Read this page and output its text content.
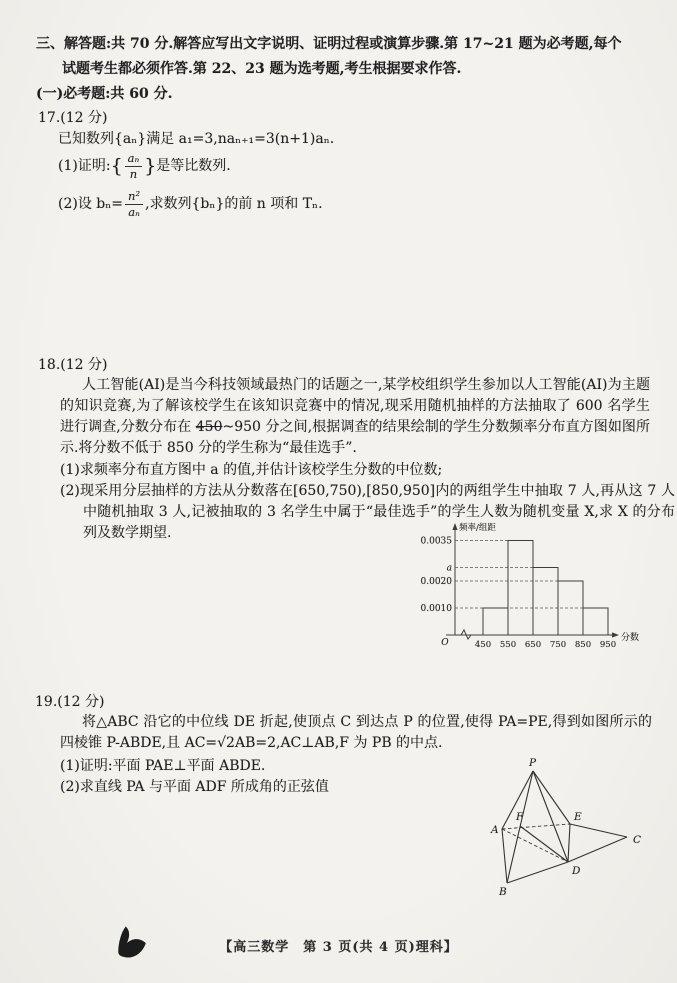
三、解答题:共 70 分.解答应写出文字说明、证明过程或演算步骤.第 17~21 题为必考题,每个
试题考生都必须作答.第 22、23 题为选考题,考生根据要求作答.
(一)必考题:共 60 分.
17.(12 分)
已知数列{aₙ}满足 a₁=3,naₙ₊₁=3(n+1)aₙ.
(1)证明: { $\frac{\text{aₙ}}{n}$ } 是等比数列.
(2)设 $b_n= \frac{\text{n²}}{\text{aₙ}}$ ,求数列{bₙ}的前 n 项和 Tₙ.
18.(12 分)
人工智能(AI)是当今科技领域最热门的话题之一,某学校组织学生参加以人工智能(AI)为主题的知识竞赛,为了解该校学生在该知识竞赛中的情况,现采用随机抽样的方法抽取了 600 名学生进行调查,分数分布在 450~950 分之间,根据调查的结果绘制的学生分数频率分布直方图如图所示.将分数不低于 850 分的学生称为“最佳选手”.
(1)求频率分布直方图中 a 的值,并估计该校学生分数的中位数;
(2)现采用分层抽样的方法从分数落在[650,750),[850,950]内的两组学生中抽取 7 人,再从这 7 人中随机抽取 3 人,记被抽取的 3 名学生中属于“最佳选手”的学生人数为随机变量 X,求 X 的分布列及数学期望.
O
0.0035
a
0.0020
0.0010
450 550 650 750 850 950
频率/组距
分数
19.(12 分)
将△ABC 沿它的中位线 DE 折起,使顶点 C 到达点 P 的位置,使得 PA=PE,得到如图所示的四棱锥 P-ABDE,且 AC=√2AB=2,AC⊥AB,F 为 PB 的中点.
(1)证明:平面 PAE⊥平面 ABDE.
(2)求直线 PA 与平面 ADF 所成角的正弦值
P
A
F	E
C
D
B
【高三数学　第 3 页(共 4 页)理科】
